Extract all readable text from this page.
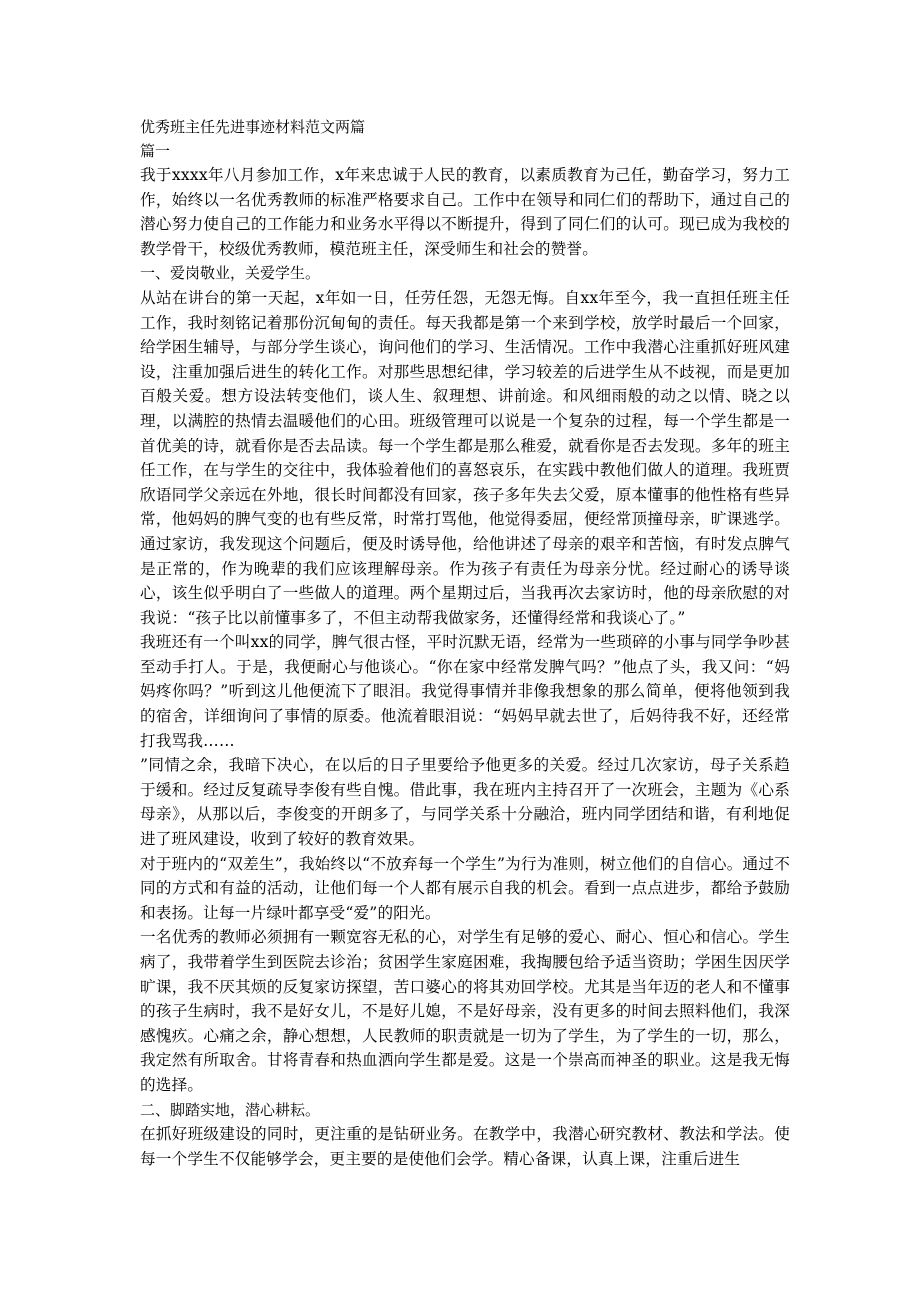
优秀班主任先进事迹材料范文两篇

篇一

我于xxxx年八月参加工作，x年来忠诚于人民的教育，以素质教育为己任，勤奋学习，努力工作，始终以一名优秀教师的标准严格要求自己。工作中在领导和同仁们的帮助下，通过自己的潜心努力使自己的工作能力和业务水平得以不断提升，得到了同仁们的认可。现已成为我校的教学骨干，校级优秀教师，模范班主任，深受师生和社会的赞誉。

一、爱岗敬业，关爱学生。

从站在讲台的第一天起，x年如一日，任劳任怨，无怨无悔。自xx年至今，我一直担任班主任工作，我时刻铭记着那份沉甸甸的责任。每天我都是第一个来到学校，放学时最后一个回家，给学困生辅导，与部分学生谈心，询问他们的学习、生活情况。工作中我潜心注重抓好班风建设，注重加强后进生的转化工作。对那些思想纪律，学习较差的后进学生从不歧视，而是更加百般关爱。想方设法转变他们，谈人生、叙理想、讲前途。和风细雨般的动之以情、晓之以理，以满腔的热情去温暖他们的心田。班级管理可以说是一个复杂的过程，每一个学生都是一首优美的诗，就看你是否去品读。每一个学生都是那么稚爱，就看你是否去发现。多年的班主任工作，在与学生的交往中，我体验着他们的喜怒哀乐，在实践中教他们做人的道理。我班贾欣语同学父亲远在外地，很长时间都没有回家，孩子多年失去父爱，原本懂事的他性格有些异常，他妈妈的脾气变的也有些反常，时常打骂他，他觉得委屈，便经常顶撞母亲，旷课逃学。通过家访，我发现这个问题后，便及时诱导他，给他讲述了母亲的艰辛和苦恼，有时发点脾气是正常的，作为晚辈的我们应该理解母亲。作为孩子有责任为母亲分忧。经过耐心的诱导谈心，该生似乎明白了一些做人的道理。两个星期过后，当我再次去家访时，他的母亲欣慰的对我说：“孩子比以前懂事多了，不但主动帮我做家务，还懂得经常和我谈心了。”

我班还有一个叫xx的同学，脾气很古怪，平时沉默无语，经常为一些琐碎的小事与同学争吵甚至动手打人。于是，我便耐心与他谈心。“你在家中经常发脾气吗？”他点了头，我又问：“妈妈疼你吗？”听到这儿他便流下了眼泪。我觉得事情并非像我想象的那么简单，便将他领到我的宿舍，详细询问了事情的原委。他流着眼泪说：“妈妈早就去世了，后妈待我不好，还经常打我骂我……

”同情之余，我暗下决心，在以后的日子里要给予他更多的关爱。经过几次家访，母子关系趋于缓和。经过反复疏导李俊有些自愧。借此事，我在班内主持召开了一次班会，主题为《心系母亲》，从那以后，李俊变的开朗多了，与同学关系十分融洽，班内同学团结和谐，有利地促进了班风建设，收到了较好的教育效果。

对于班内的“双差生”，我始终以“不放弃每一个学生”为行为准则，树立他们的自信心。通过不同的方式和有益的活动，让他们每一个人都有展示自我的机会。看到一点点进步，都给予鼓励和表扬。让每一片绿叶都享受“爱”的阳光。

一名优秀的教师必须拥有一颗宽容无私的心，对学生有足够的爱心、耐心、恒心和信心。学生病了，我带着学生到医院去诊治；贫困学生家庭困难，我掏腰包给予适当资助；学困生因厌学旷课，我不厌其烦的反复家访探望，苦口婆心的将其劝回学校。尤其是当年迈的老人和不懂事的孩子生病时，我不是好女儿，不是好儿媳，不是好母亲，没有更多的时间去照料他们，我深感愧疚。心痛之余，静心想想，人民教师的职责就是一切为了学生，为了学生的一切，那么，我定然有所取舍。甘将青春和热血洒向学生都是爱。这是一个崇高而神圣的职业。这是我无悔的选择。

二、脚踏实地，潜心耕耘。

在抓好班级建设的同时，更注重的是钻研业务。在教学中，我潜心研究教材、教法和学法。使每一个学生不仅能够学会，更主要的是使他们会学。精心备课，认真上课，注重后进生
